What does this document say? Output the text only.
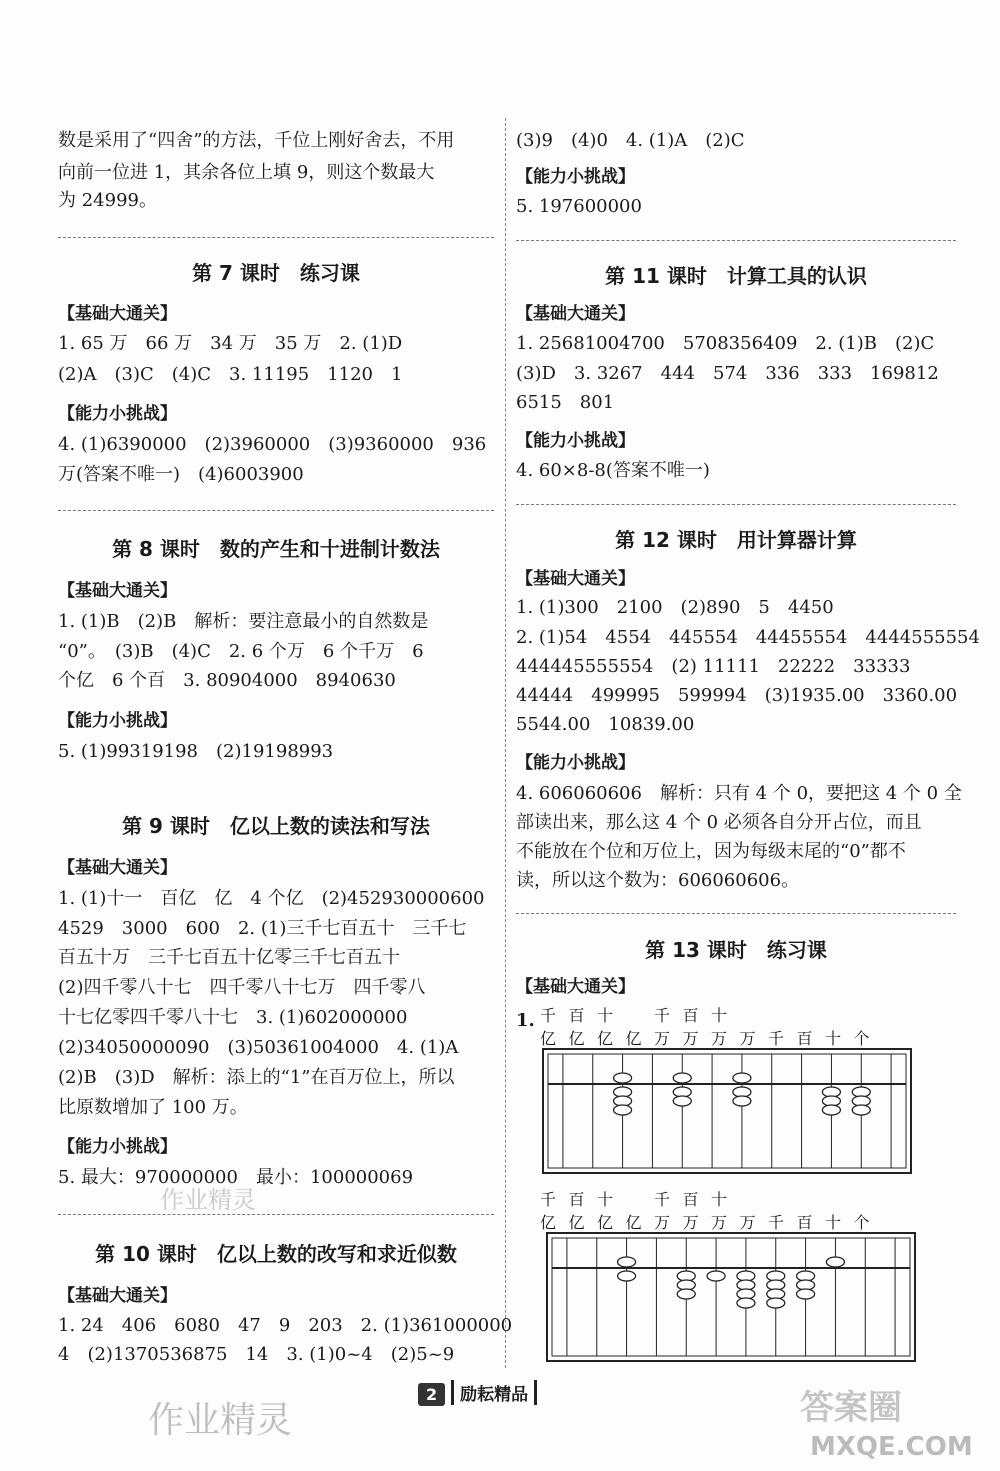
数是采用了“四舍”的方法，千位上刚好舍去，不用
向前一位进 1，其余各位上填 9，则这个数最大
为 24999。
第 7 课时　练习课
【基础大通关】
1. 65 万　66 万　34 万　35 万　2. (1)D
(2)A　(3)C　(4)C　3. 11195　1120　1
【能力小挑战】
4. (1)6390000　(2)3960000　(3)9360000　936
万(答案不唯一)　(4)6003900
第 8 课时　数的产生和十进制计数法
【基础大通关】
1. (1)B　(2)B　解析：要注意最小的自然数是
“0”。　(3)B　(4)C　2. 6 个万　6 个千万　6
个亿　6 个百　3. 80904000　8940630
【能力小挑战】
5. (1)99319198　(2)19198993
第 9 课时　亿以上数的读法和写法
【基础大通关】
1. (1)十一　百亿　亿　4 个亿　(2)452930000600
4529　3000　600　2. (1)三千七百五十　三千七
百五十万　三千七百五十亿零三千七百五十
(2)四千零八十七　四千零八十七万　四千零八
十七亿零四千零八十七　3. (1)602000000
(2)34050000090　(3)50361004000　4. (1)A
(2)B　(3)D　解析：添上的“1”在百万位上，所以
比原数增加了 100 万。
【能力小挑战】
5. 最大：970000000　最小：100000069
第 10 课时　亿以上数的改写和求近似数
【基础大通关】
1. 24　406　6080　47　9　203　2. (1)361000000
4　(2)1370536875　14　3. (1)0~4　(2)5~9
(3)9　(4)0　4. (1)A　(2)C
【能力小挑战】
5. 197600000
第 11 课时　计算工具的认识
【基础大通关】
1. 25681004700　5708356409　2. (1)B　(2)C
(3)D　3. 3267　444　574　336　333　169812
6515　801
【能力小挑战】
4. 60×8-8(答案不唯一)
第 12 课时　用计算器计算
【基础大通关】
1. (1)300　2100　(2)890　5　4450
2. (1)54　4554　445554　44455554　4444555554
444445555554　(2) 11111　22222　33333
44444　499995　599994　(3)1935.00　3360.00
5544.00　10839.00
【能力小挑战】
4. 606060606　解析：只有 4 个 0，要把这 4 个 0 全
部读出来，那么这 4 个 0 必须各自分开占位，而且
不能放在个位和万位上，因为每级末尾的“0”都不
读，所以这个数为：606060606。
第 13 课时　练习课
【基础大通关】
1. 千 百 十	千 百 十
亿 亿 亿 亿 万 万 万 万 千 百 十 个
千 百 十	千 百 十
亿 亿 亿 亿 万 万 万 万 千 百 十 个
2 励耘精品
作业精灵
作业精灵	答案圈
MXQE.COM
